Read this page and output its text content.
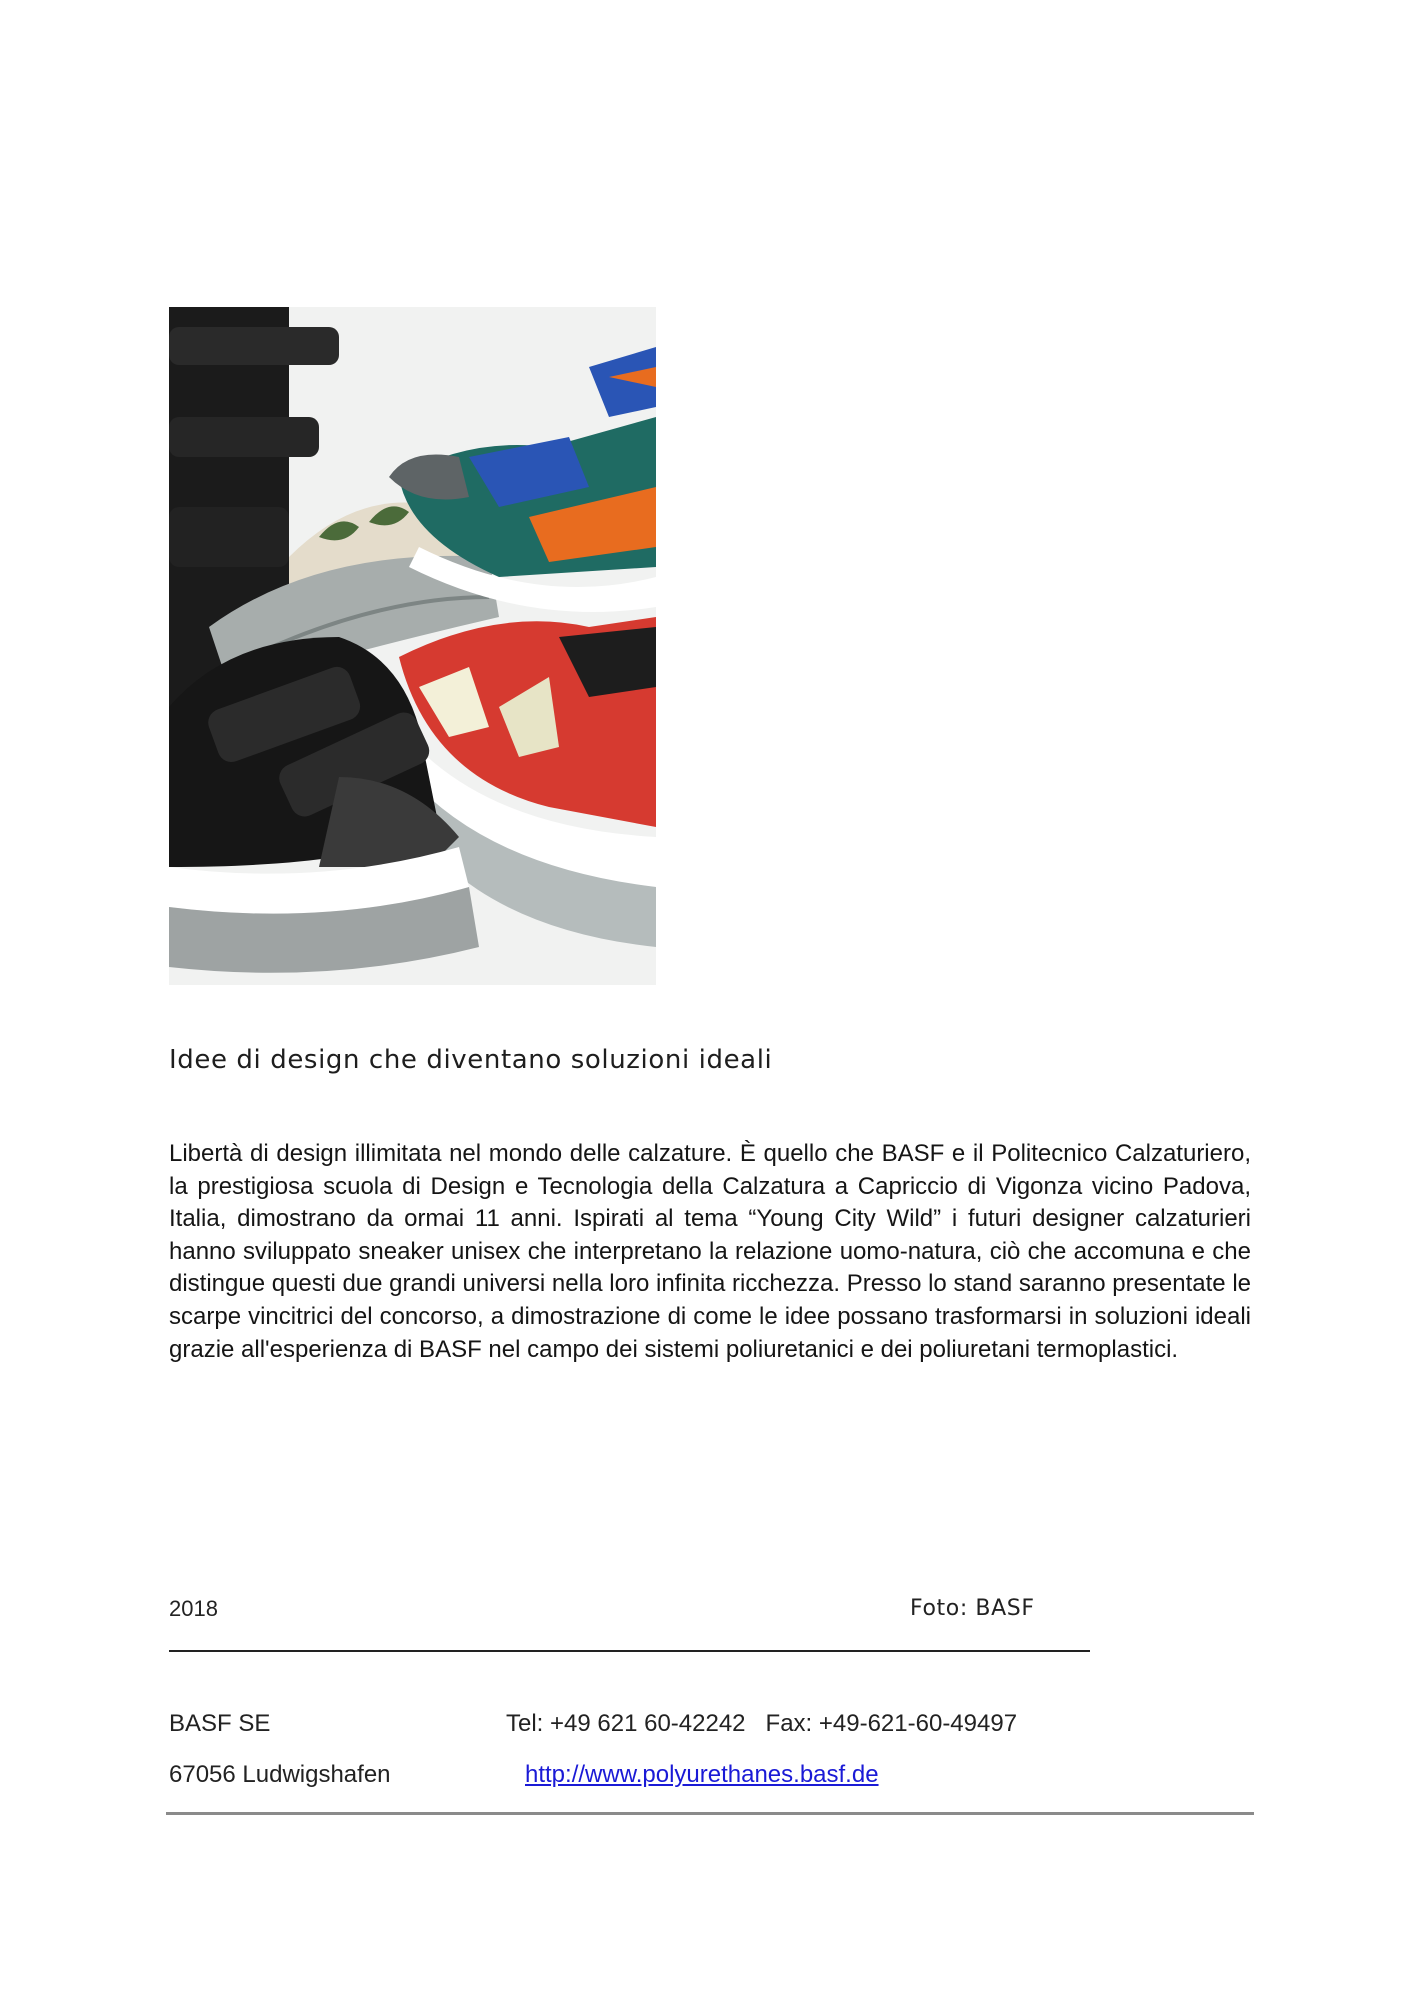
Idee di design che diventano soluzioni ideali
Libertà di design illimitata nel mondo delle calzature. È quello che BASF e il Politecnico Calzaturiero, la prestigiosa scuola di Design e Tecnologia della Calzatura a Capriccio di Vigonza vicino Padova, Italia, dimostrano da ormai 11 anni. Ispirati al tema “Young City Wild” i futuri designer calzaturieri hanno sviluppato sneaker unisex che interpretano la relazione uomo-natura, ciò che accomuna e che distingue questi due grandi universi nella loro infinita ricchezza. Presso lo stand saranno presentate le scarpe vincitrici del concorso, a dimostrazione di come le idee possano trasformarsi in soluzioni ideali grazie all'esperienza di BASF nel campo dei sistemi poliuretanici e dei poliuretani termoplastici.
2018	Foto: BASF
BASF SE	Tel: +49 621 60-42242   Fax: +49-621-60-49497
67056 Ludwigshafen	http://www.polyurethanes.basf.de
